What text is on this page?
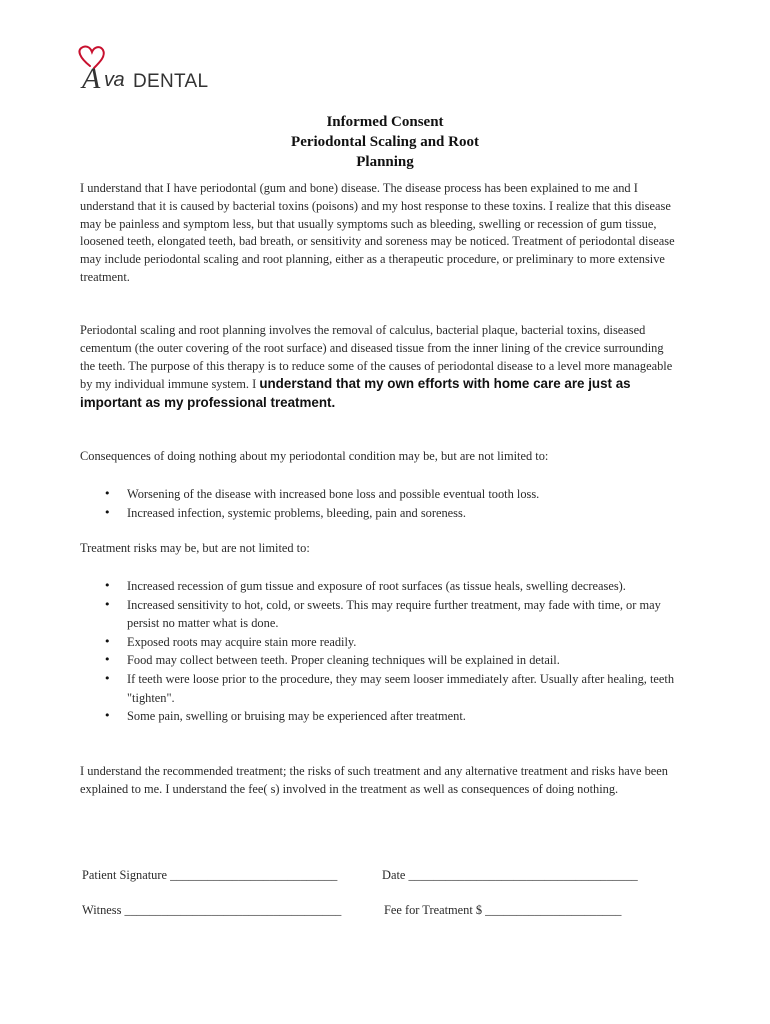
A va DENTAL
Informed Consent
Periodontal Scaling and Root
Planning
I understand that I have periodontal (gum and bone) disease. The disease process has been explained to me and I understand that it is caused by bacterial toxins (poisons) and my host response to these toxins. I realize that this disease may be painless and symptom less, but that usually symptoms such as bleeding, swelling or recession of gum tissue, loosened teeth, elongated teeth, bad breath, or sensitivity and soreness may be noticed. Treatment of periodontal disease may include periodontal scaling and root planning, either as a therapeutic procedure, or preliminary to more extensive treatment.
Periodontal scaling and root planning involves the removal of calculus, bacterial plaque, bacterial toxins, diseased cementum (the outer covering of the root surface) and diseased tissue from the inner lining of the crevice surrounding the teeth. The purpose of this therapy is to reduce some of the causes of periodontal disease to a level more manageable by my individual immune system. I understand that my own efforts with home care are just as important as my professional treatment.
Consequences of doing nothing about my periodontal condition may be, but are not limited to:
• Worsening of the disease with increased bone loss and possible eventual tooth loss.
• Increased infection, systemic problems, bleeding, pain and soreness.
Treatment risks may be, but are not limited to:
• Increased recession of gum tissue and exposure of root surfaces (as tissue heals, swelling decreases).
• Increased sensitivity to hot, cold, or sweets. This may require further treatment, may fade with time, or may persist no matter what is done.
• Exposed roots may acquire stain more readily.
• Food may collect between teeth. Proper cleaning techniques will be explained in detail.
• If teeth were loose prior to the procedure, they may seem looser immediately after. Usually after healing, teeth "tighten".
• Some pain, swelling or bruising may be experienced after treatment.
I understand the recommended treatment; the risks of such treatment and any alternative treatment and risks have been explained to me. I understand the fee( s) involved in the treatment as well as consequences of doing nothing.
Patient Signature ___________________________	Date _____________________________________
Witness ___________________________________	Fee for Treatment $ ______________________
